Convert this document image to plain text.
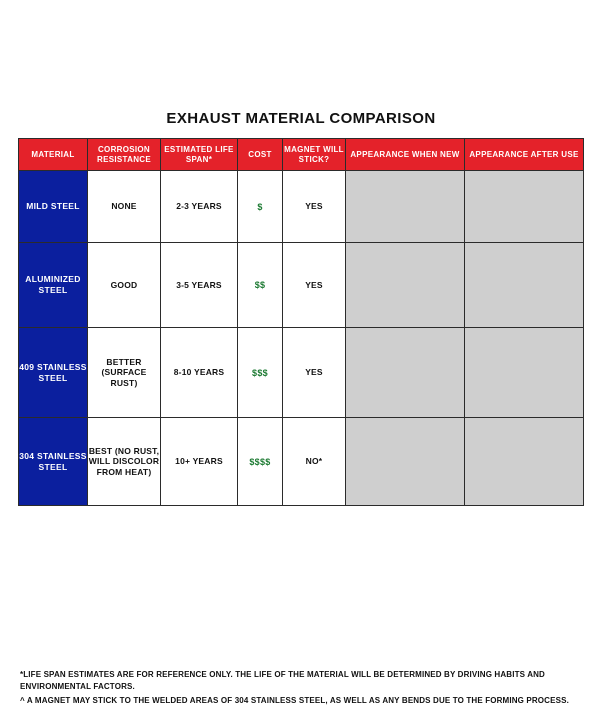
EXHAUST MATERIAL COMPARISON
MATERIAL	CORROSION RESISTANCE	ESTIMATED LIFE SPAN*	COST	MAGNET WILL STICK?	APPEARANCE WHEN NEW	APPEARANCE AFTER USE
MILD STEEL	NONE	2-3 YEARS	$	YES	

ALUMINIZED STEEL	GOOD	3-5 YEARS	$$	YES	

409 STAINLESS STEEL	BETTER (SURFACE RUST)	8-10 YEARS	$$$	YES	

304 STAINLESS STEEL	BEST (NO RUST, WILL DISCOLOR FROM HEAT)	10+ YEARS	$$$$	NO*	

*LIFE SPAN ESTIMATES ARE FOR REFERENCE ONLY. THE LIFE OF THE MATERIAL WILL BE DETERMINED BY DRIVING HABITS AND ENVIRONMENTAL FACTORS.
^ A MAGNET MAY STICK TO THE WELDED AREAS OF 304 STAINLESS STEEL, AS WELL AS ANY BENDS DUE TO THE FORMING PROCESS.
